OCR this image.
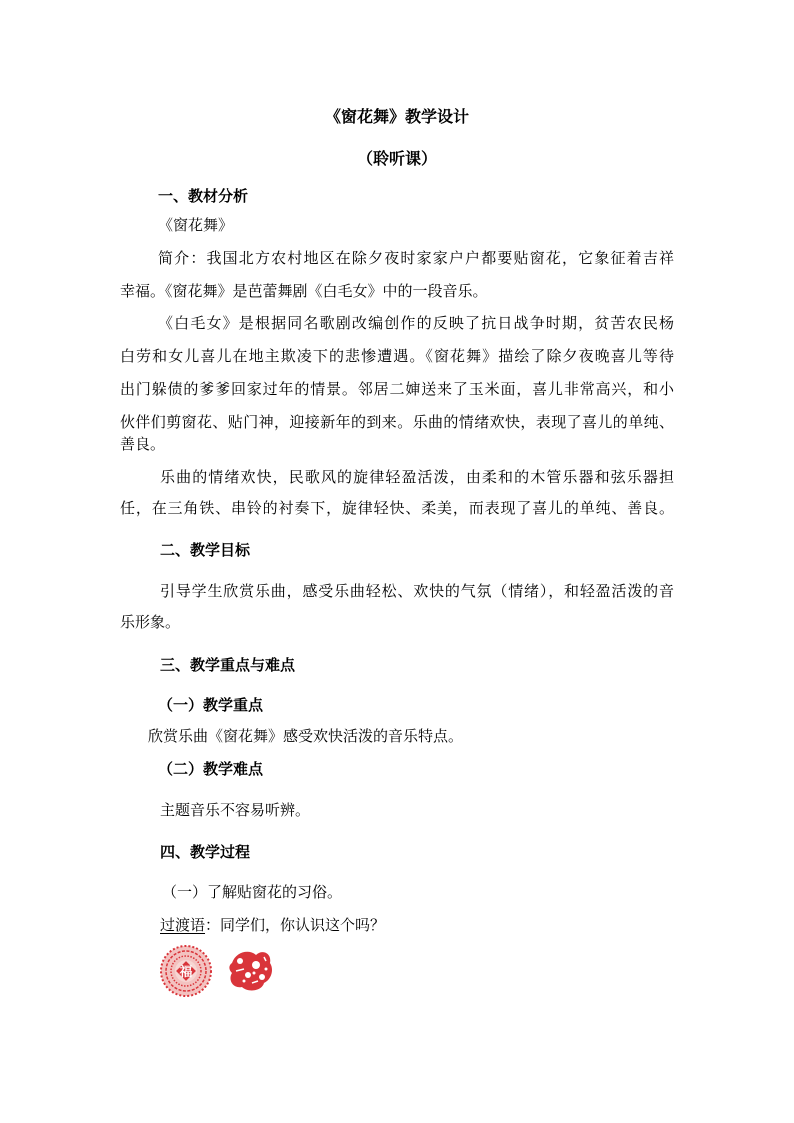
《窗花舞》教学设计
（聆听课）
一、教材分析
《窗花舞》
简介：我国北方农村地区在除夕夜时家家户户都要贴窗花，它象征着吉祥
幸福。《窗花舞》是芭蕾舞剧《白毛女》中的一段音乐。
《白毛女》是根据同名歌剧改编创作的反映了抗日战争时期，贫苦农民杨
白劳和女儿喜儿在地主欺凌下的悲惨遭遇。《窗花舞》描绘了除夕夜晚喜儿等待
出门躲债的爹爹回家过年的情景。邻居二婶送来了玉米面，喜儿非常高兴，和小
伙伴们剪窗花、贴门神，迎接新年的到来。乐曲的情绪欢快，表现了喜儿的单纯、
善良。
乐曲的情绪欢快，民歌风的旋律轻盈活泼，由柔和的木管乐器和弦乐器担
任，在三角铁、串铃的衬奏下，旋律轻快、柔美，而表现了喜儿的单纯、善良。
二、教学目标
引导学生欣赏乐曲，感受乐曲轻松、欢快的气氛（情绪），和轻盈活泼的音
乐形象。
三、教学重点与难点
（一）教学重点
欣赏乐曲《窗花舞》感受欢快活泼的音乐特点。
（二）教学难点
主题音乐不容易听辨。
四、教学过程
（一）了解贴窗花的习俗。
过渡语：同学们，你认识这个吗？
福
